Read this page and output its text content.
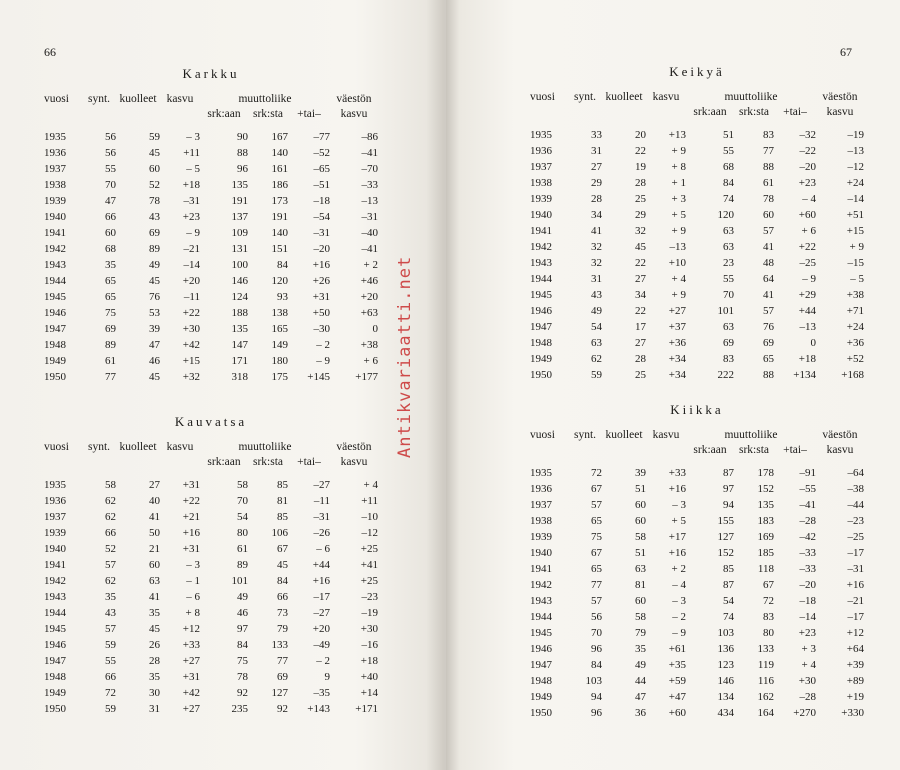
66
Karkku
vuosi	synt.	kuolleet	kasvu	muuttoliike			väestön
				srk:aan	srk:sta	+tai–	kasvu

1935	56	59	– 3	90	167	–77	–86
1936	56	45	+11	88	140	–52	–41
1937	55	60	– 5	96	161	–65	–70
1938	70	52	+18	135	186	–51	–33
1939	47	78	–31	191	173	–18	–13
1940	66	43	+23	137	191	–54	–31
1941	60	69	– 9	109	140	–31	–40
1942	68	89	–21	131	151	–20	–41
1943	35	49	–14	100	84	+16	+ 2
1944	65	45	+20	146	120	+26	+46
1945	65	76	–11	124	93	+31	+20
1946	75	53	+22	188	138	+50	+63
1947	69	39	+30	135	165	–30	0
1948	89	47	+42	147	149	– 2	+38
1949	61	46	+15	171	180	– 9	+ 6
1950	77	45	+32	318	175	+145	+177
Kauvatsa
vuosi	synt.	kuolleet	kasvu	muuttoliike			väestön
				srk:aan	srk:sta	+tai–	kasvu

1935	58	27	+31	58	85	–27	+ 4
1936	62	40	+22	70	81	–11	+11
1937	62	41	+21	54	85	–31	–10
1939	66	50	+16	80	106	–26	–12
1940	52	21	+31	61	67	– 6	+25
1941	57	60	– 3	89	45	+44	+41
1942	62	63	– 1	101	84	+16	+25
1943	35	41	– 6	49	66	–17	–23
1944	43	35	+ 8	46	73	–27	–19
1945	57	45	+12	97	79	+20	+30
1946	59	26	+33	84	133	–49	–16
1947	55	28	+27	75	77	– 2	+18
1948	66	35	+31	78	69	9	+40
1949	72	30	+42	92	127	–35	+14
1950	59	31	+27	235	92	+143	+171
67
Keikyä
vuosi	synt.	kuolleet	kasvu	muuttoliike			väestön
				srk:aan	srk:sta	+tai–	kasvu

1935	33	20	+13	51	83	–32	–19
1936	31	22	+ 9	55	77	–22	–13
1937	27	19	+ 8	68	88	–20	–12
1938	29	28	+ 1	84	61	+23	+24
1939	28	25	+ 3	74	78	– 4	–14
1940	34	29	+ 5	120	60	+60	+51
1941	41	32	+ 9	63	57	+ 6	+15
1942	32	45	–13	63	41	+22	+ 9
1943	32	22	+10	23	48	–25	–15
1944	31	27	+ 4	55	64	– 9	– 5
1945	43	34	+ 9	70	41	+29	+38
1946	49	22	+27	101	57	+44	+71
1947	54	17	+37	63	76	–13	+24
1948	63	27	+36	69	69	0	+36
1949	62	28	+34	83	65	+18	+52
1950	59	25	+34	222	88	+134	+168
Kiikka
vuosi	synt.	kuolleet	kasvu	muuttoliike			väestön
				srk:aan	srk:sta	+tai–	kasvu

1935	72	39	+33	87	178	–91	–64
1936	67	51	+16	97	152	–55	–38
1937	57	60	– 3	94	135	–41	–44
1938	65	60	+ 5	155	183	–28	–23
1939	75	58	+17	127	169	–42	–25
1940	67	51	+16	152	185	–33	–17
1941	65	63	+ 2	85	118	–33	–31
1942	77	81	– 4	87	67	–20	+16
1943	57	60	– 3	54	72	–18	–21
1944	56	58	– 2	74	83	–14	–17
1945	70	79	– 9	103	80	+23	+12
1946	96	35	+61	136	133	+ 3	+64
1947	84	49	+35	123	119	+ 4	+39
1948	103	44	+59	146	116	+30	+89
1949	94	47	+47	134	162	–28	+19
1950	96	36	+60	434	164	+270	+330
Antikvariaatti.net
